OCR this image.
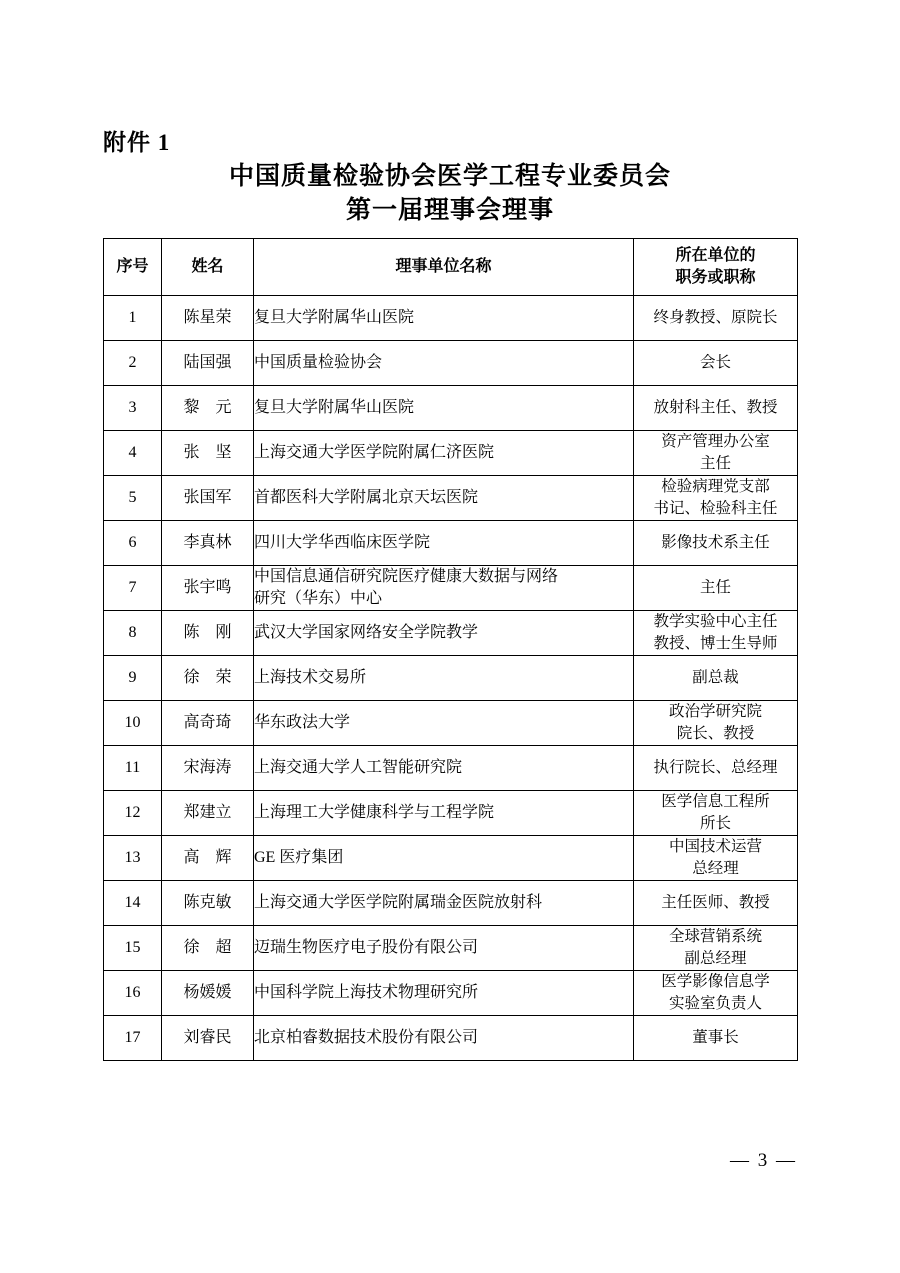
附件 1
中国质量检验协会医学工程专业委员会
第一届理事会理事
序号	姓名	理事单位名称	所在单位的
职务或职称

1	陈星荣	复旦大学附属华山医院	终身教授、原院长

2	陆国强	中国质量检验协会	会长

3	黎　元	复旦大学附属华山医院	放射科主任、教授

4	张　坚	上海交通大学医学院附属仁济医院	资产管理办公室
主任

5	张国军	首都医科大学附属北京天坛医院	检验病理党支部
书记、检验科主任

6	李真林	四川大学华西临床医学院	影像技术系主任

7	张宇鸣	中国信息通信研究院医疗健康大数据与网络
研究（华东）中心	主任

8	陈　刚	武汉大学国家网络安全学院教学	教学实验中心主任
教授、博士生导师

9	徐　荣	上海技术交易所	副总裁

10	高奇琦	华东政法大学	政治学研究院
院长、教授

11	宋海涛	上海交通大学人工智能研究院	执行院长、总经理

12	郑建立	上海理工大学健康科学与工程学院	医学信息工程所
所长

13	高　辉	GE 医疗集团	中国技术运营
总经理

14	陈克敏	上海交通大学医学院附属瑞金医院放射科	主任医师、教授

15	徐　超	迈瑞生物医疗电子股份有限公司	全球营销系统
副总经理

16	杨媛媛	中国科学院上海技术物理研究所	医学影像信息学
实验室负责人

17	刘睿民	北京柏睿数据技术股份有限公司	董事长
— 3 —
